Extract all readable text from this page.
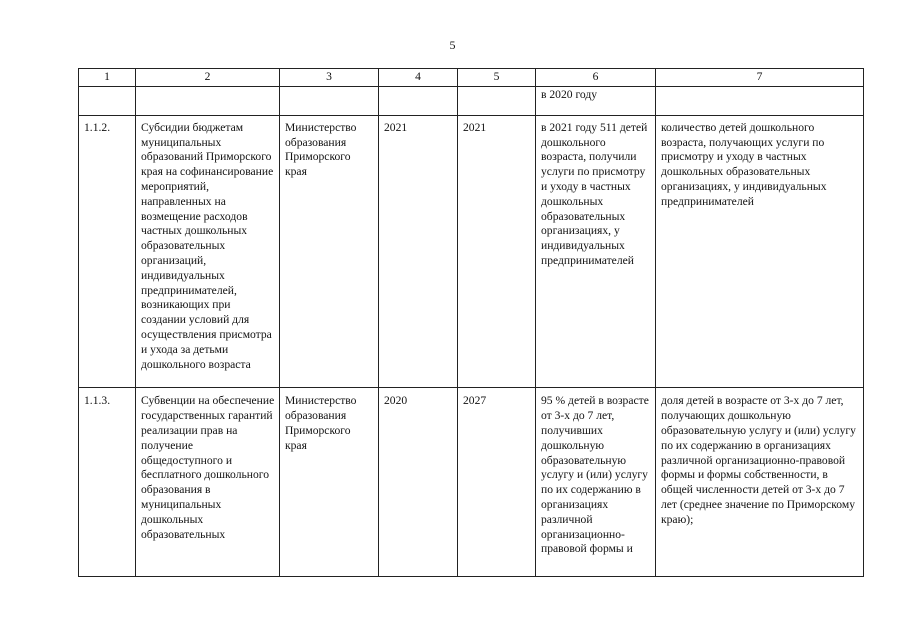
5
1	2	3	4	5	6	7
					в 2020 году	
1.1.2.	Субсидии бюджетам муниципальных образований Приморского края на софинансирование мероприятий, направленных на возмещение расходов частных дошкольных образовательных организаций, индивидуальных предпринимателей, возникающих при создании условий для осуществления присмотра и ухода за детьми дошкольного возраста	Министерство образования Приморского края	2021	2021	в 2021 году 511 детей дошкольного возраста, получили услуги по присмотру и уходу в частных дошкольных образовательных организациях, у индивидуальных предпринимателей	количество детей дошкольного возраста, получающих услуги по присмотру и уходу в частных дошкольных образовательных организациях, у индивидуальных предпринимателей

1.1.3.	Субвенции на обеспечение государственных гарантий реализации прав на получение общедоступного и бесплатного дошкольного образования в муниципальных дошкольных образовательных	Министерство образования Приморского края	2020	2027	95 % детей в возрасте от 3-х до 7 лет, получивших дошкольную образовательную услугу и (или) услугу по их содержанию в организациях различной организационно-правовой формы и	доля детей в возрасте от 3-х до 7 лет, получающих дошкольную образовательную услугу и (или) услугу по их содержанию в организациях различной организационно-правовой формы и формы собственности, в общей численности детей от 3-х до 7 лет (среднее значение по Приморскому краю);
